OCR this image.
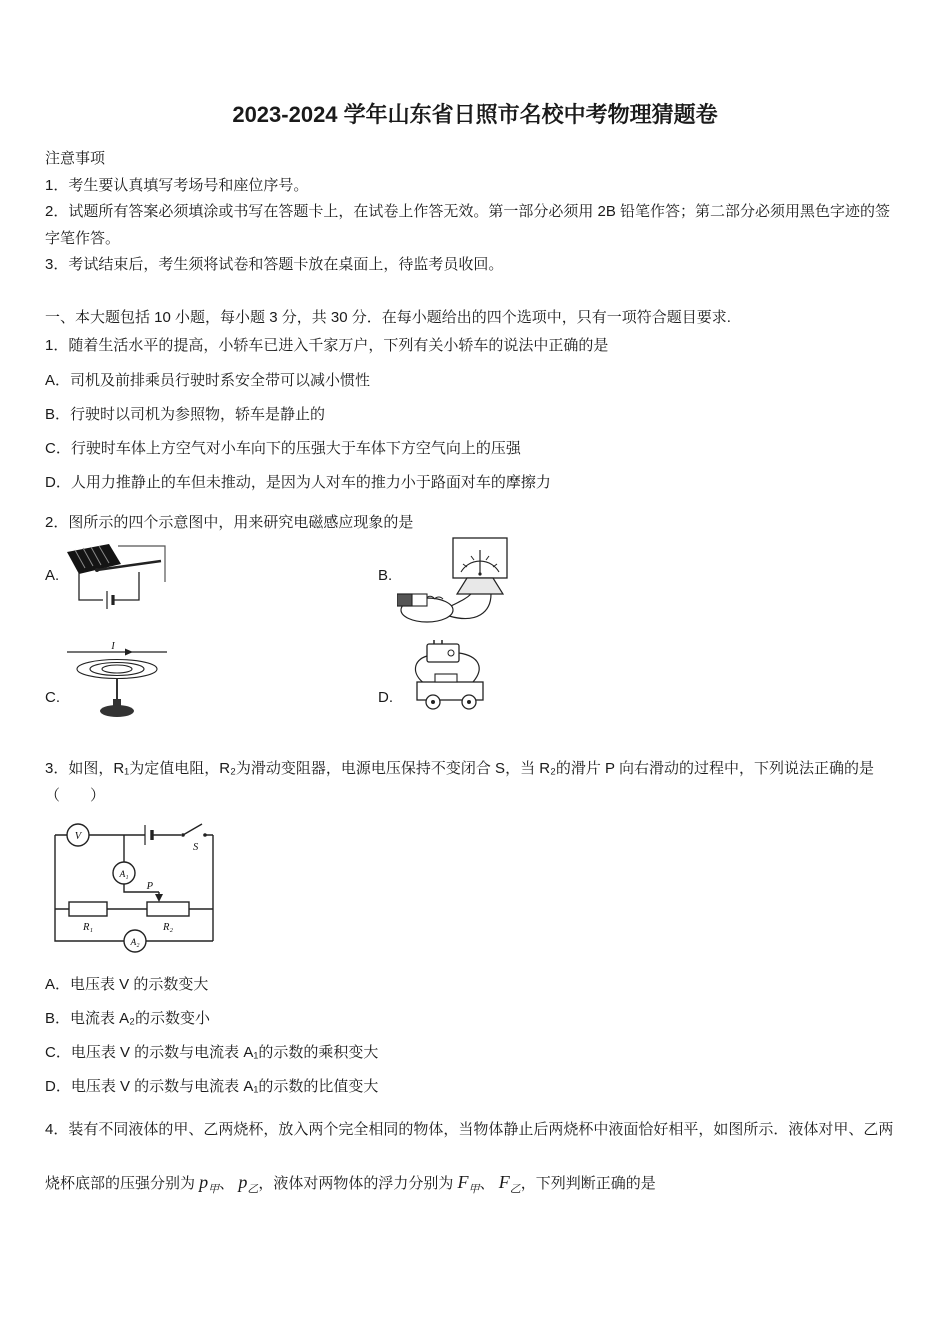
2023-2024 学年山东省日照市名校中考物理猜题卷

注意事项

1．考生要认真填写考场号和座位序号。

2．试题所有答案必须填涂或书写在答题卡上，在试卷上作答无效。第一部分必须用 2B 铅笔作答；第二部分必须用黑色字迹的签字笔作答。

3．考试结束后，考生须将试卷和答题卡放在桌面上，待监考员收回。

一、本大题包括 10 小题，每小题 3 分，共 30 分．在每小题给出的四个选项中，只有一项符合题目要求.

1．随着生活水平的提高，小轿车已进入千家万户，下列有关小轿车的说法中正确的是

A．司机及前排乘员行驶时系安全带可以减小惯性

B．行驶时以司机为参照物，轿车是静止的

C．行驶时车体上方空气对小车向下的压强大于车体下方空气向上的压强

D．人用力推静止的车但未推动，是因为人对车的推力小于路面对车的摩擦力

2．图所示的四个示意图中，用来研究电磁感应现象的是

A.	B.
C.
I
D.

3．如图，R₁为定值电阻，R₂为滑动变阻器，电源电压保持不变闭合 S，当 R₂的滑片 P 向右滑动的过程中，下列说法正确的是（　　）

S
V
A₁
A₂
R₁	R₂
P

A．电压表 V 的示数变大

B．电流表 A₂的示数变小

C．电压表 V 的示数与电流表 A₁的示数的乘积变大

D．电压表 V 的示数与电流表 A₁的示数的比值变大

4．装有不同液体的甲、乙两烧杯，放入两个完全相同的物体，当物体静止后两烧杯中液面恰好相平，如图所示．液体对甲、乙两烧杯底部的压强分别为 $p_甲$、 $p_乙$，液体对两物体的浮力分别为 $F_甲$、 $F_乙$，下列判断正确的是
